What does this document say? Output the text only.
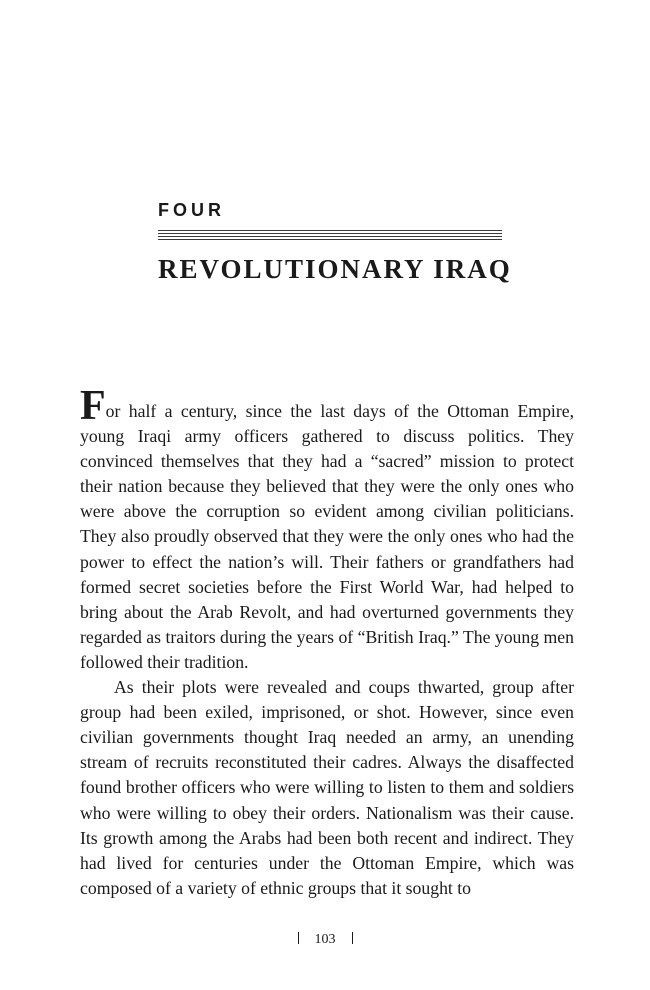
FOUR
REVOLUTIONARY IRAQ

For half a century, since the last days of the Ottoman Empire, young Iraqi army officers gathered to discuss politics. They convinced themselves that they had a “sacred” mission to protect their nation because they believed that they were the only ones who were above the corruption so evident among civilian politicians. They also proudly observed that they were the only ones who had the power to effect the nation’s will. Their fathers or grandfathers had formed secret societies before the First World War, had helped to bring about the Arab Revolt, and had overturned governments they regarded as traitors during the years of “British Iraq.” The young men followed their tradition.

As their plots were revealed and coups thwarted, group after group had been exiled, imprisoned, or shot. However, since even civilian governments thought Iraq needed an army, an unending stream of recruits reconstituted their cadres. Always the disaffected found brother officers who were willing to listen to them and soldiers who were willing to obey their orders. Nationalism was their cause. Its growth among the Arabs had been both recent and indirect. They had lived for centuries under the Ottoman Empire, which was composed of a variety of ethnic groups that it sought to

103
